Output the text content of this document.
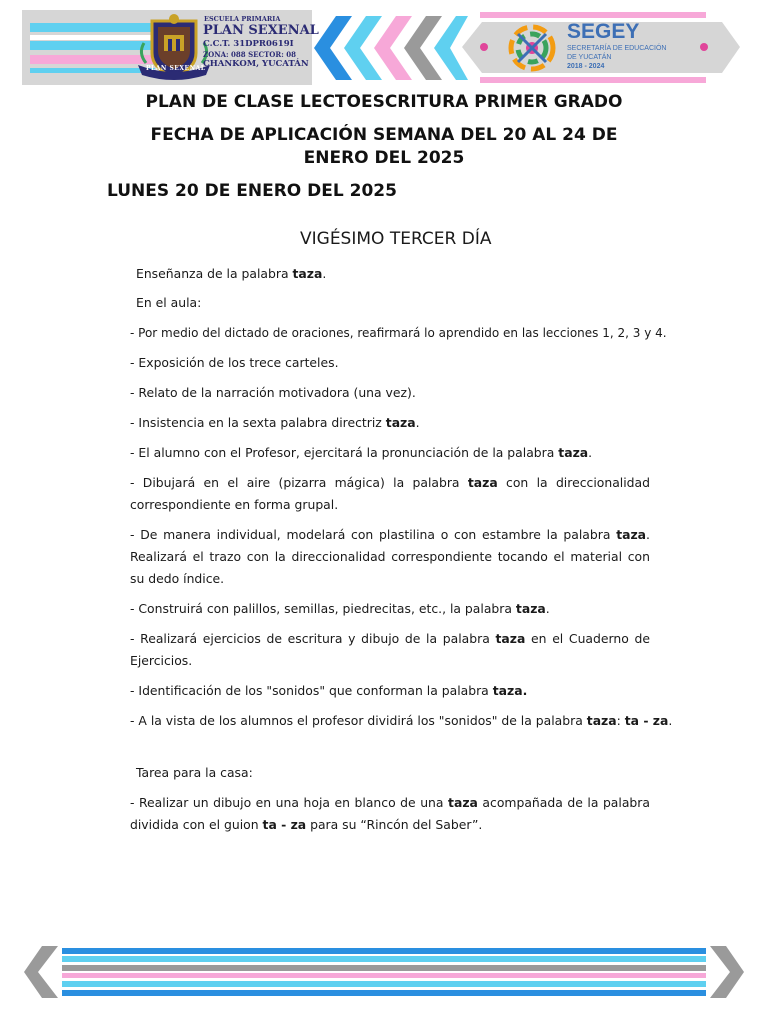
PLAN SEXENAL
ESCUELA PRIMARIA
PLAN SEXENAL
C.C.T. 31DPR0619I
ZONA: 088 SECTOR: 08
CHANKOM, YUCATÁN
SEGEY
SECRETARÍA DE EDUCACIÓN
DE YUCATÁN
2018 - 2024
PLAN DE CLASE LECTOESCRITURA PRIMER GRADO
FECHA DE APLICACIÓN SEMANA DEL 20 AL 24 DE
ENERO DEL 2025
LUNES 20 DE ENERO DEL 2025
VIGÉSIMO TERCER DÍA

Enseñanza de la palabra taza.

En el aula:

- Por medio del dictado de oraciones, reafirmará lo aprendido en las lecciones 1, 2, 3 y 4.

- Exposición de los trece carteles.

- Relato de la narración motivadora (una vez).

- Insistencia en la sexta palabra directriz taza.

- El alumno con el Profesor, ejercitará la pronunciación de la palabra taza.

- Dibujará en el aire (pizarra mágica) la palabra taza con la direccionalidad correspondiente en forma grupal.

- De manera individual, modelará con plastilina o con estambre la palabra taza. Realizará el trazo con la direccionalidad correspondiente tocando el material con su dedo índice.

- Construirá con palillos, semillas, piedrecitas, etc., la palabra taza.

- Realizará ejercicios de escritura y dibujo de la palabra taza en el Cuaderno de Ejercicios.

- Identificación de los "sonidos" que conforman la palabra taza.

- A la vista de los alumnos el profesor dividirá los "sonidos" de la palabra taza: ta - za.

Tarea para la casa:

- Realizar un dibujo en una hoja en blanco de una taza acompañada de la palabra dividida con el guion ta - za para su “Rincón del Saber”.
